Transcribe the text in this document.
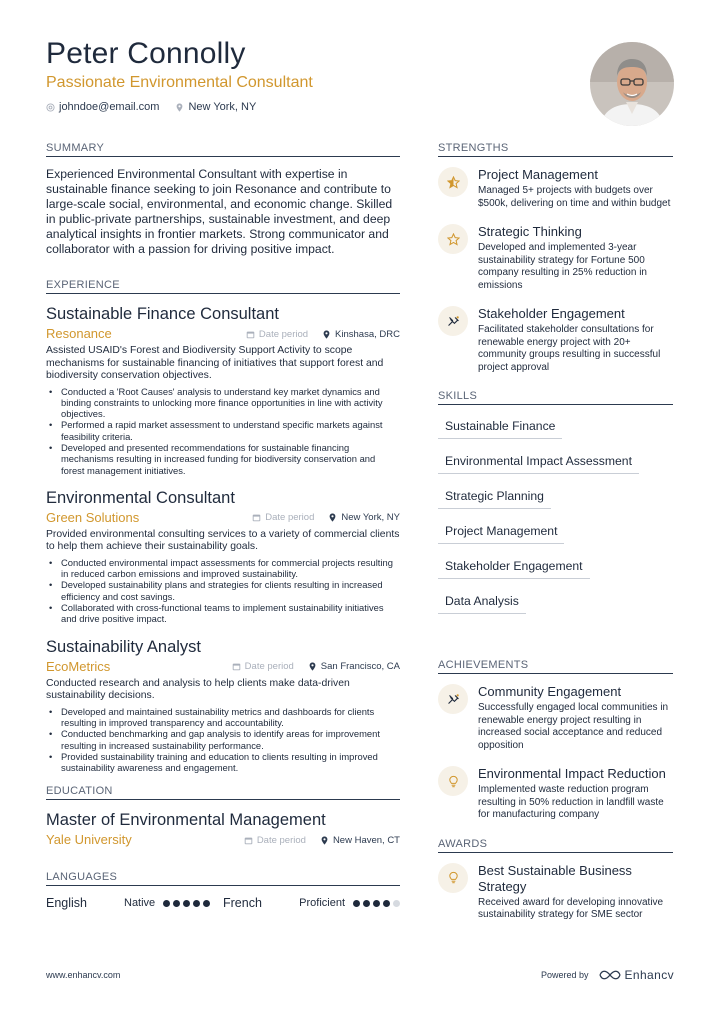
Peter Connolly
Passionate Environmental Consultant
johndoe@email.com	New York, NY
SUMMARY

Experienced Environmental Consultant with expertise in sustainable finance seeking to join Resonance and contribute to large-scale social, environmental, and economic change. Skilled in public-private partnerships, sustainable investment, and deep analytical insights in frontier markets. Strong communicator and collaborator with a passion for driving positive impact.

EXPERIENCE
Sustainable Finance Consultant
Resonance	Date period	Kinshasa, DRC
Assisted USAID's Forest and Biodiversity Support Activity to scope mechanisms for sustainable financing of initiatives that support forest and biodiversity conservation objectives.
• Conducted a 'Root Causes' analysis to understand key market dynamics and binding constraints to unlocking more finance opportunities in line with activity objectives.
• Performed a rapid market assessment to understand specific markets against feasibility criteria.
• Developed and presented recommendations for sustainable financing mechanisms resulting in increased funding for biodiversity conservation and forest management initiatives.
Environmental Consultant
Green Solutions	Date period	New York, NY
Provided environmental consulting services to a variety of commercial clients to help them achieve their sustainability goals.
• Conducted environmental impact assessments for commercial projects resulting in reduced carbon emissions and improved sustainability.
• Developed sustainability plans and strategies for clients resulting in increased efficiency and cost savings.
• Collaborated with cross-functional teams to implement sustainability initiatives and drive positive impact.
Sustainability Analyst
EcoMetrics	Date period	San Francisco, CA
Conducted research and analysis to help clients make data-driven sustainability decisions.
• Developed and maintained sustainability metrics and dashboards for clients resulting in improved transparency and accountability.
• Conducted benchmarking and gap analysis to identify areas for improvement resulting in increased sustainability performance.
• Provided sustainability training and education to clients resulting in improved sustainability awareness and engagement.
EDUCATION
Master of Environmental Management
Yale University	Date period	New Haven, CT
LANGUAGES
English	Native	French	Proficient
STRENGTHS
Project Management
Managed 5+ projects with budgets over $500k, delivering on time and within budget
Strategic Thinking
Developed and implemented 3-year sustainability strategy for Fortune 500 company resulting in 25% reduction in emissions
Stakeholder Engagement
Facilitated stakeholder consultations for renewable energy project with 20+ community groups resulting in successful project approval
SKILLS
Sustainable Finance
Environmental Impact Assessment
Strategic Planning
Project Management
Stakeholder Engagement
Data Analysis
ACHIEVEMENTS
Community Engagement
Successfully engaged local communities in renewable energy project resulting in increased social acceptance and reduced opposition
Environmental Impact Reduction
Implemented waste reduction program resulting in 50% reduction in landfill waste for manufacturing company
AWARDS
Best Sustainable Business Strategy
Received award for developing innovative sustainability strategy for SME sector
www.enhancv.com	Powered by	Enhancv
